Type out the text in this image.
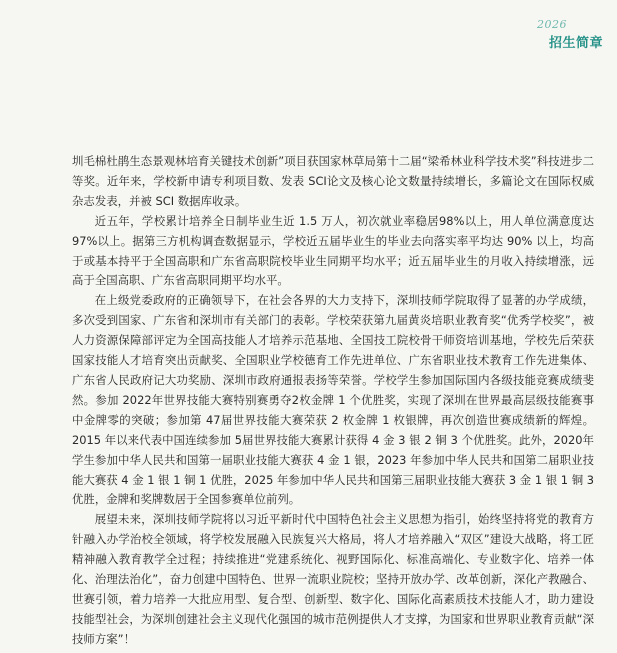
2026
招生简章

圳毛棉杜鹃生态景观林培育关键技术创新”项目获国家林草局第十二届“梁希林业科学技术奖”科技进步二等奖。近年来，学校新申请专利项目数、发表 SCI论文及核心论文数量持续增长，多篇论文在国际权威杂志发表，并被 SCI 数据库收录。

近五年，学校累计培养全日制毕业生近 1.5 万人，初次就业率稳居98%以上，用人单位满意度达 97%以上。据第三方机构调查数据显示，学校近五届毕业生的毕业去向落实率平均达 90% 以上，均高于或基本持平于全国高职和广东省高职院校毕业生同期平均水平；近五届毕业生的月收入持续增涨，远高于全国高职、广东省高职同期平均水平。

在上级党委政府的正确领导下，在社会各界的大力支持下，深圳技师学院取得了显著的办学成绩，多次受到国家、广东省和深圳市有关部门的表彰。学校荣获第九届黄炎培职业教育奖“优秀学校奖”，被人力资源保障部评定为全国高技能人才培养示范基地、全国技工院校骨干师资培训基地，学校先后荣获国家技能人才培育突出贡献奖、全国职业学校德育工作先进单位、广东省职业技术教育工作先进集体、广东省人民政府记大功奖励、深圳市政府通报表扬等荣誉。学校学生参加国际国内各级技能竞赛成绩斐然。参加 2022年世界技能大赛特别赛勇夺2枚金牌 1 个优胜奖，实现了深圳在世界最高层级技能赛事中金牌零的突破；参加第 47届世界技能大赛荣获 2 枚金牌 1 枚银牌，再次创造世赛成绩新的辉煌。2015 年以来代表中国连续参加 5届世界技能大赛累计获得 4 金 3 银 2 铜 3 个优胜奖。此外，2020年学生参加中华人民共和国第一届职业技能大赛获 4 金 1 银，2023 年参加中华人民共和国第二届职业技能大赛获 4 金 1 银 1 铜 1 优胜，2025 年参加中华人民共和国第三届职业技能大赛获 3 金 1 银 1 铜 3 优胜，金牌和奖牌数居于全国参赛单位前列。

展望未来，深圳技师学院将以习近平新时代中国特色社会主义思想为指引，始终坚持将党的教育方针融入办学治校全领域，将学校发展融入民族复兴大格局，将人才培养融入“双区”建设大战略，将工匠精神融入教育教学全过程；持续推进“党建系统化、视野国际化、标准高端化、专业数字化、培养一体化、治理法治化”，奋力创建中国特色、世界一流职业院校；坚持开放办学、改革创新，深化产教融合、世赛引领，着力培养一大批应用型、复合型、创新型、数字化、国际化高素质技术技能人才，助力建设技能型社会，为深圳创建社会主义现代化强国的城市范例提供人才支撑，为国家和世界职业教育贡献“深技师方案”！
